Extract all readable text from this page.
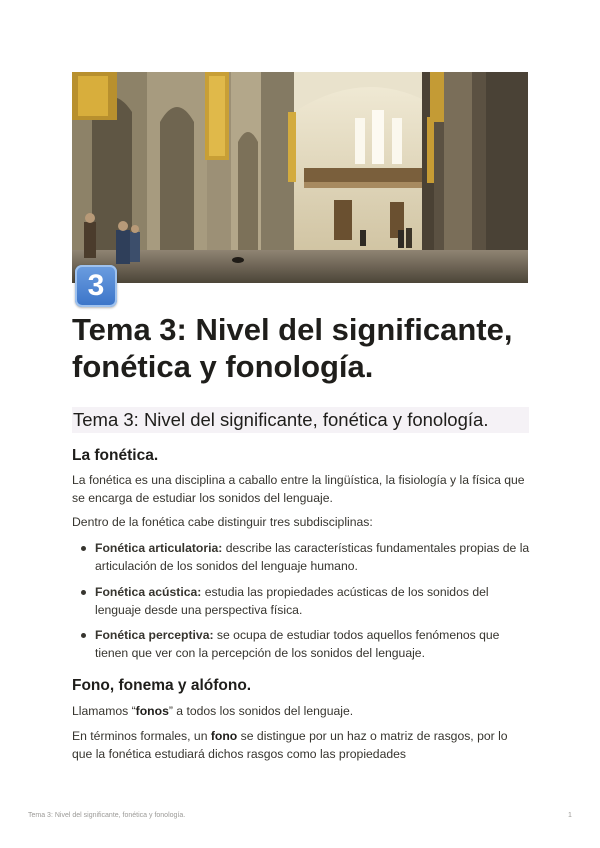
3
Tema 3: Nivel del significante, fonética y fonología.
Tema 3: Nivel del significante, fonética y fonología.
La fonética.

La fonética es una disciplina a caballo entre la lingüística, la fisiología y la física que se encarga de estudiar los sonidos del lenguaje.

Dentro de la fonética cabe distinguir tres subdisciplinas:

Fonética articulatoria: describe las características fundamentales propias de la articulación de los sonidos del lenguaje humano.
Fonética acústica: estudia las propiedades acústicas de los sonidos del lenguaje desde una perspectiva física.
Fonética perceptiva: se ocupa de estudiar todos aquellos fenómenos que tienen que ver con la percepción de los sonidos del lenguaje.
Fono, fonema y alófono.

Llamamos “fonos” a todos los sonidos del lenguaje.

En términos formales, un fono se distingue por un haz o matriz de rasgos, por lo que la fonética estudiará dichos rasgos como las propiedades

Tema 3: Nivel del significante, fonética y fonología.	1
